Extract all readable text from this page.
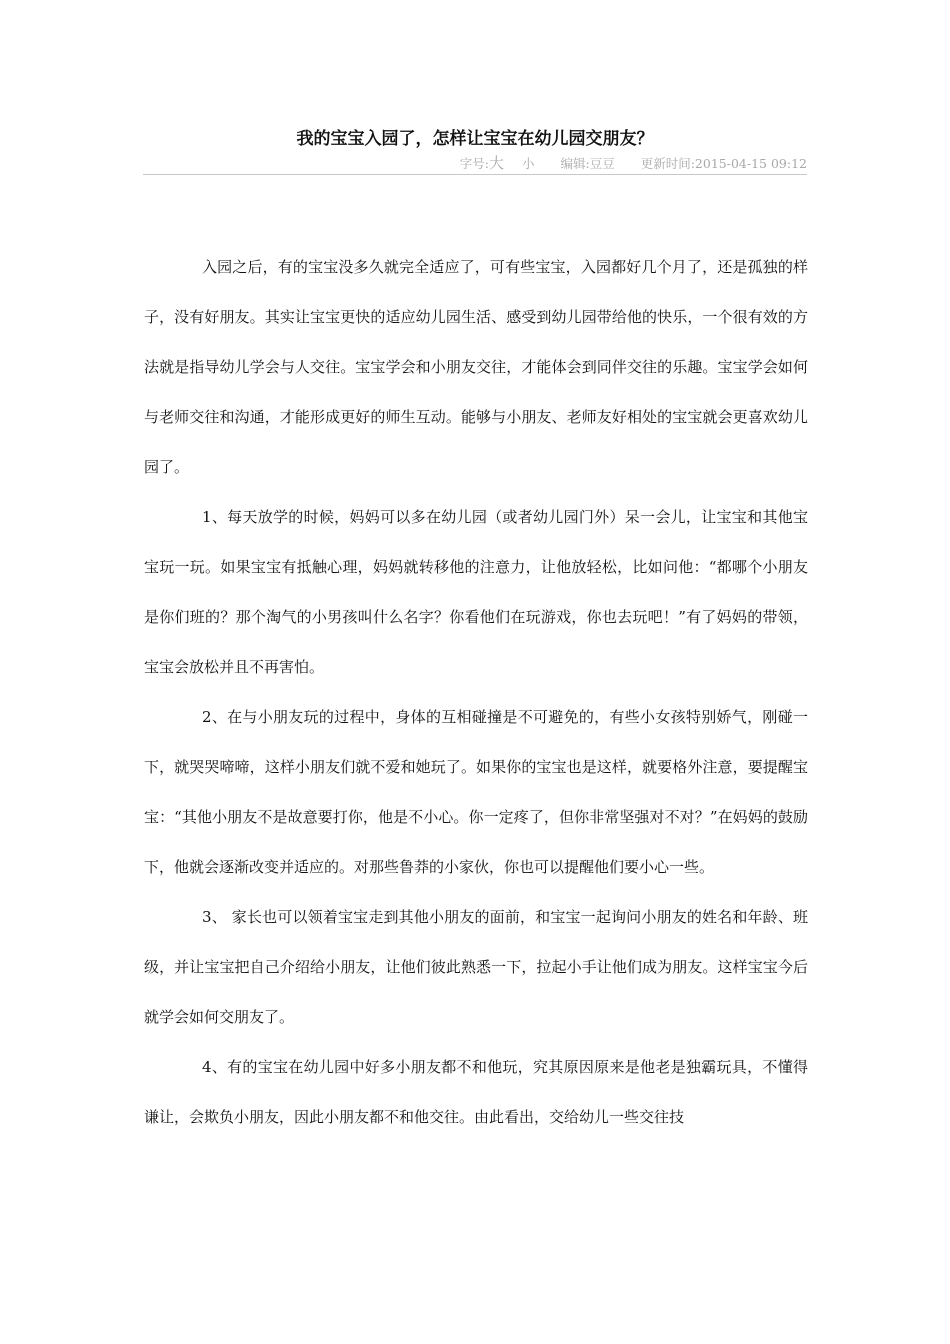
我的宝宝入园了，怎样让宝宝在幼儿园交朋友？
字号:大 小 编辑:豆豆 更新时间:2015-04-15 09:12

入园之后，有的宝宝没多久就完全适应了，可有些宝宝，入园都好几个月了，还是孤独的样子，没有好朋友。其实让宝宝更快的适应幼儿园生活、感受到幼儿园带给他的快乐，一个很有效的方法就是指导幼儿学会与人交往。宝宝学会和小朋友交往，才能体会到同伴交往的乐趣。宝宝学会如何与老师交往和沟通，才能形成更好的师生互动。能够与小朋友、老师友好相处的宝宝就会更喜欢幼儿园了。

1、每天放学的时候，妈妈可以多在幼儿园（或者幼儿园门外）呆一会儿，让宝宝和其他宝宝玩一玩。如果宝宝有抵触心理，妈妈就转移他的注意力，让他放轻松，比如问他：“都哪个小朋友是你们班的？那个淘气的小男孩叫什么名字？你看他们在玩游戏，你也去玩吧！”有了妈妈的带领，宝宝会放松并且不再害怕。

2、在与小朋友玩的过程中，身体的互相碰撞是不可避免的，有些小女孩特别娇气，刚碰一下，就哭哭啼啼，这样小朋友们就不爱和她玩了。如果你的宝宝也是这样，就要格外注意，要提醒宝宝：“其他小朋友不是故意要打你，他是不小心。你一定疼了，但你非常坚强对不对？”在妈妈的鼓励下，他就会逐渐改变并适应的。对那些鲁莽的小家伙，你也可以提醒他们要小心一些。

3、 家长也可以领着宝宝走到其他小朋友的面前，和宝宝一起询问小朋友的姓名和年龄、班级，并让宝宝把自己介绍给小朋友，让他们彼此熟悉一下，拉起小手让他们成为朋友。这样宝宝今后就学会如何交朋友了。

4、有的宝宝在幼儿园中好多小朋友都不和他玩，究其原因原来是他老是独霸玩具，不懂得谦让，会欺负小朋友，因此小朋友都不和他交往。由此看出，交给幼儿一些交往技
